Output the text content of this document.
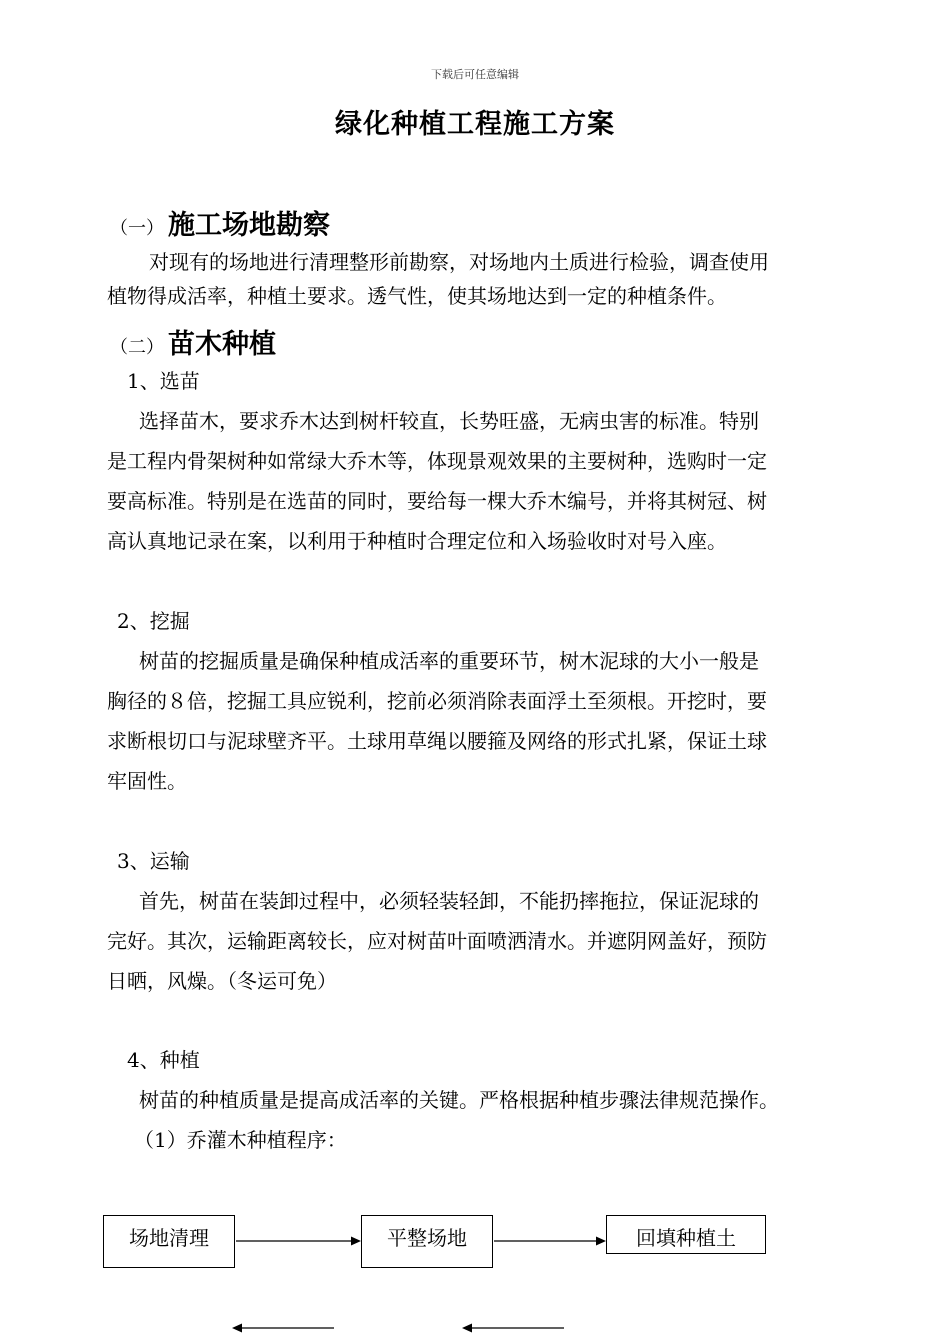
下载后可任意编辑
绿化种植工程施工方案
（一） 施工场地勘察
对现有的场地进行清理整形前勘察，对场地内土质进行检验，调查使用
植物得成活率，种植土要求。透气性，使其场地达到一定的种植条件。
（二） 苗木种植
1、选苗
选择苗木，要求乔木达到树杆较直，长势旺盛，无病虫害的标准。特别
是工程内骨架树种如常绿大乔木等，体现景观效果的主要树种，选购时一定
要高标准。特别是在选苗的同时，要给每一棵大乔木编号，并将其树冠、树
高认真地记录在案，以利用于种植时合理定位和入场验收时对号入座。
2、挖掘
树苗的挖掘质量是确保种植成活率的重要环节，树木泥球的大小一般是
胸径的８倍，挖掘工具应锐利，挖前必须消除表面浮土至须根。开挖时，要
求断根切口与泥球壁齐平。土球用草绳以腰箍及网络的形式扎紧，保证土球
牢固性。
3、运输
首先，树苗在装卸过程中，必须轻装轻卸，不能扔摔拖拉，保证泥球的
完好。其次，运输距离较长，应对树苗叶面喷洒清水。并遮阴网盖好，预防
日晒，风燥。（冬运可免）
4、种植
树苗的种植质量是提高成活率的关键。严格根据种植步骤法律规范操作。
（1）乔灌木种植程序：
场地清理	平整场地	回填种植土
